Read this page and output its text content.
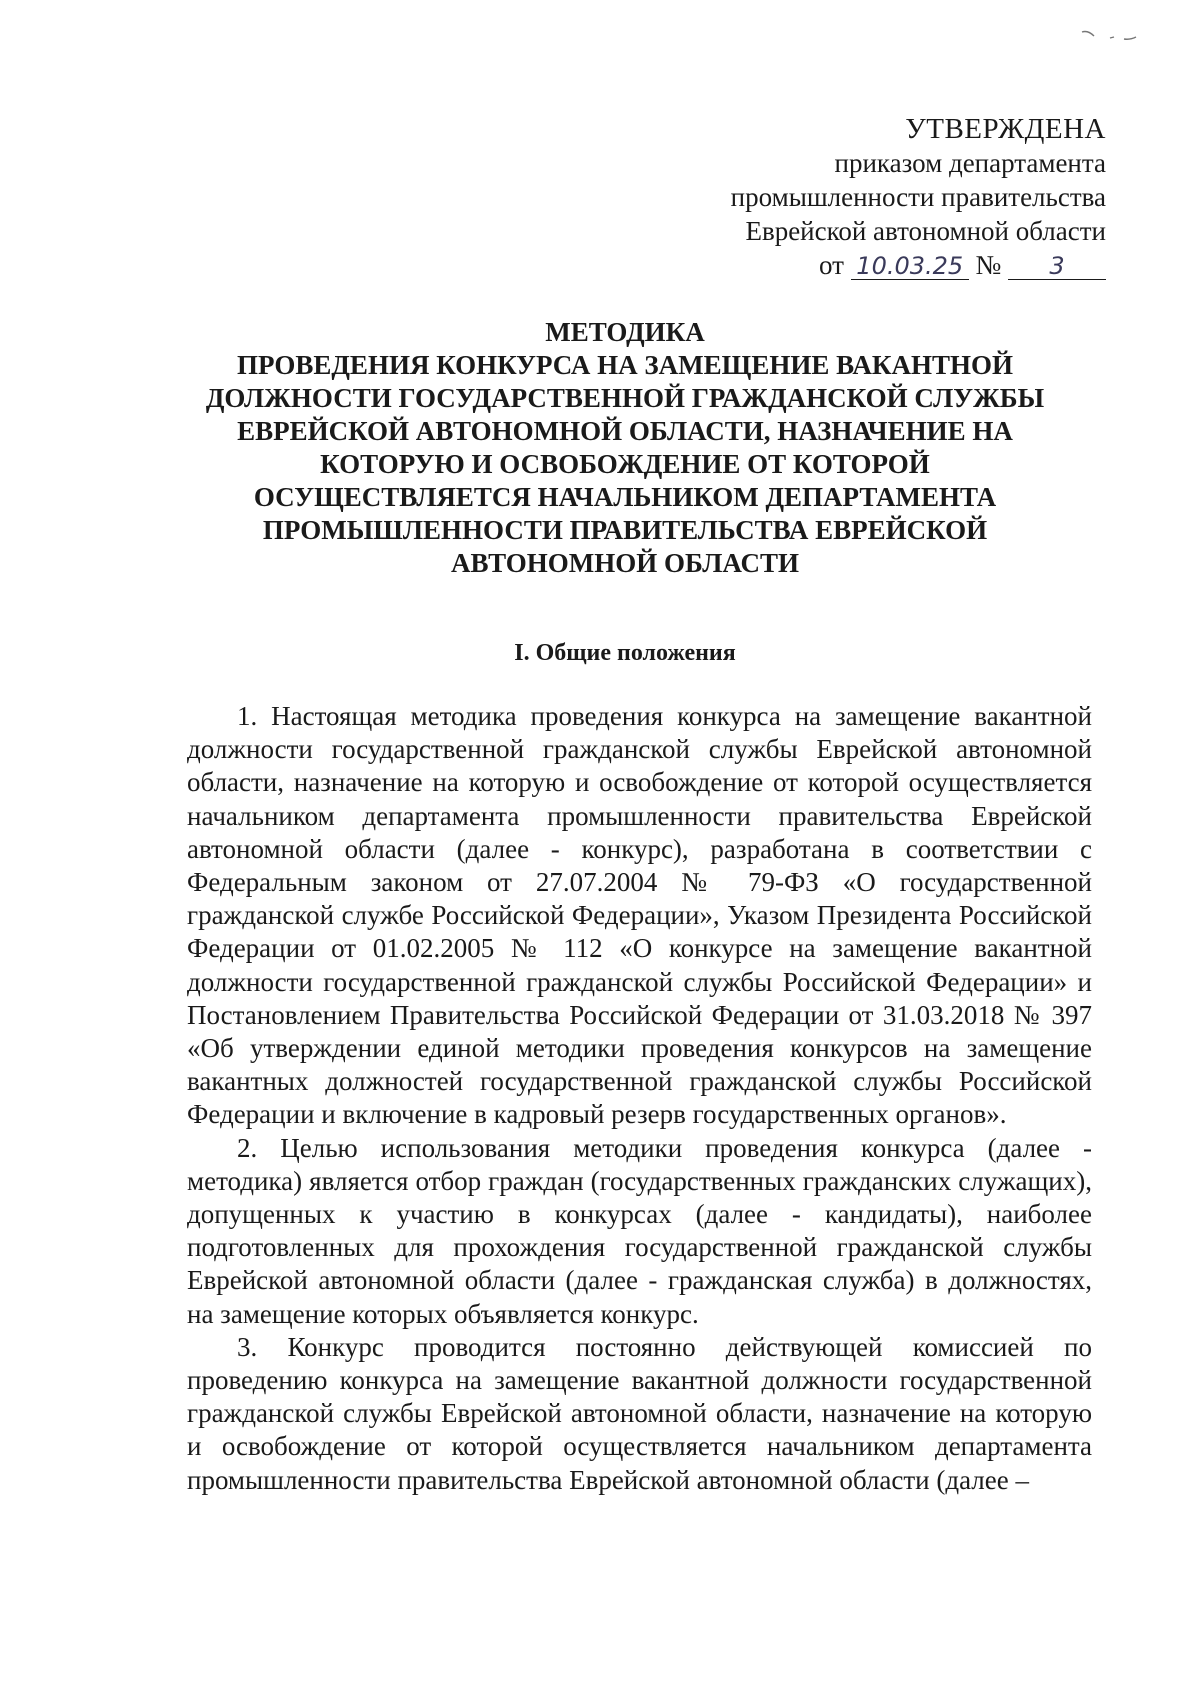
УТВЕРЖДЕНА
приказом департамента
промышленности правительства
Еврейской автономной области
от 10.03.25 № 3
МЕТОДИКА
ПРОВЕДЕНИЯ КОНКУРСА НА ЗАМЕЩЕНИЕ ВАКАНТНОЙ
ДОЛЖНОСТИ ГОСУДАРСТВЕННОЙ ГРАЖДАНСКОЙ СЛУЖБЫ
ЕВРЕЙСКОЙ АВТОНОМНОЙ ОБЛАСТИ, НАЗНАЧЕНИЕ НА
КОТОРУЮ И ОСВОБОЖДЕНИЕ ОТ КОТОРОЙ
ОСУЩЕСТВЛЯЕТСЯ НАЧАЛЬНИКОМ ДЕПАРТАМЕНТА
ПРОМЫШЛЕННОСТИ ПРАВИТЕЛЬСТВА ЕВРЕЙСКОЙ
АВТОНОМНОЙ ОБЛАСТИ
I. Общие положения

1. Настоящая методика проведения конкурса на замещение вакантной должности государственной гражданской службы Еврейской автономной области, назначение на которую и освобождение от которой осуществляется начальником департамента промышленности правительства Еврейской автономной области (далее - конкурс), разработана в соответствии с Федеральным законом от 27.07.2004 № 79-ФЗ «О государственной гражданской службе Российской Федерации», Указом Президента Российской Федерации от 01.02.2005 № 112 «О конкурсе на замещение вакантной должности государственной гражданской службы Российской Федерации» и Постановлением Правительства Российской Федерации от 31.03.2018 № 397 «Об утверждении единой методики проведения конкурсов на замещение вакантных должностей государственной гражданской службы Российской Федерации и включение в кадровый резерв государственных органов».

2. Целью использования методики проведения конкурса (далее - методика) является отбор граждан (государственных гражданских служащих), допущенных к участию в конкурсах (далее - кандидаты), наиболее подготовленных для прохождения государственной гражданской службы Еврейской автономной области (далее - гражданская служба) в должностях, на замещение которых объявляется конкурс.

3. Конкурс проводится постоянно действующей комиссией по проведению конкурса на замещение вакантной должности государственной гражданской службы Еврейской автономной области, назначение на которую и освобождение от которой осуществляется начальником департамента промышленности правительства Еврейской автономной области (далее –
